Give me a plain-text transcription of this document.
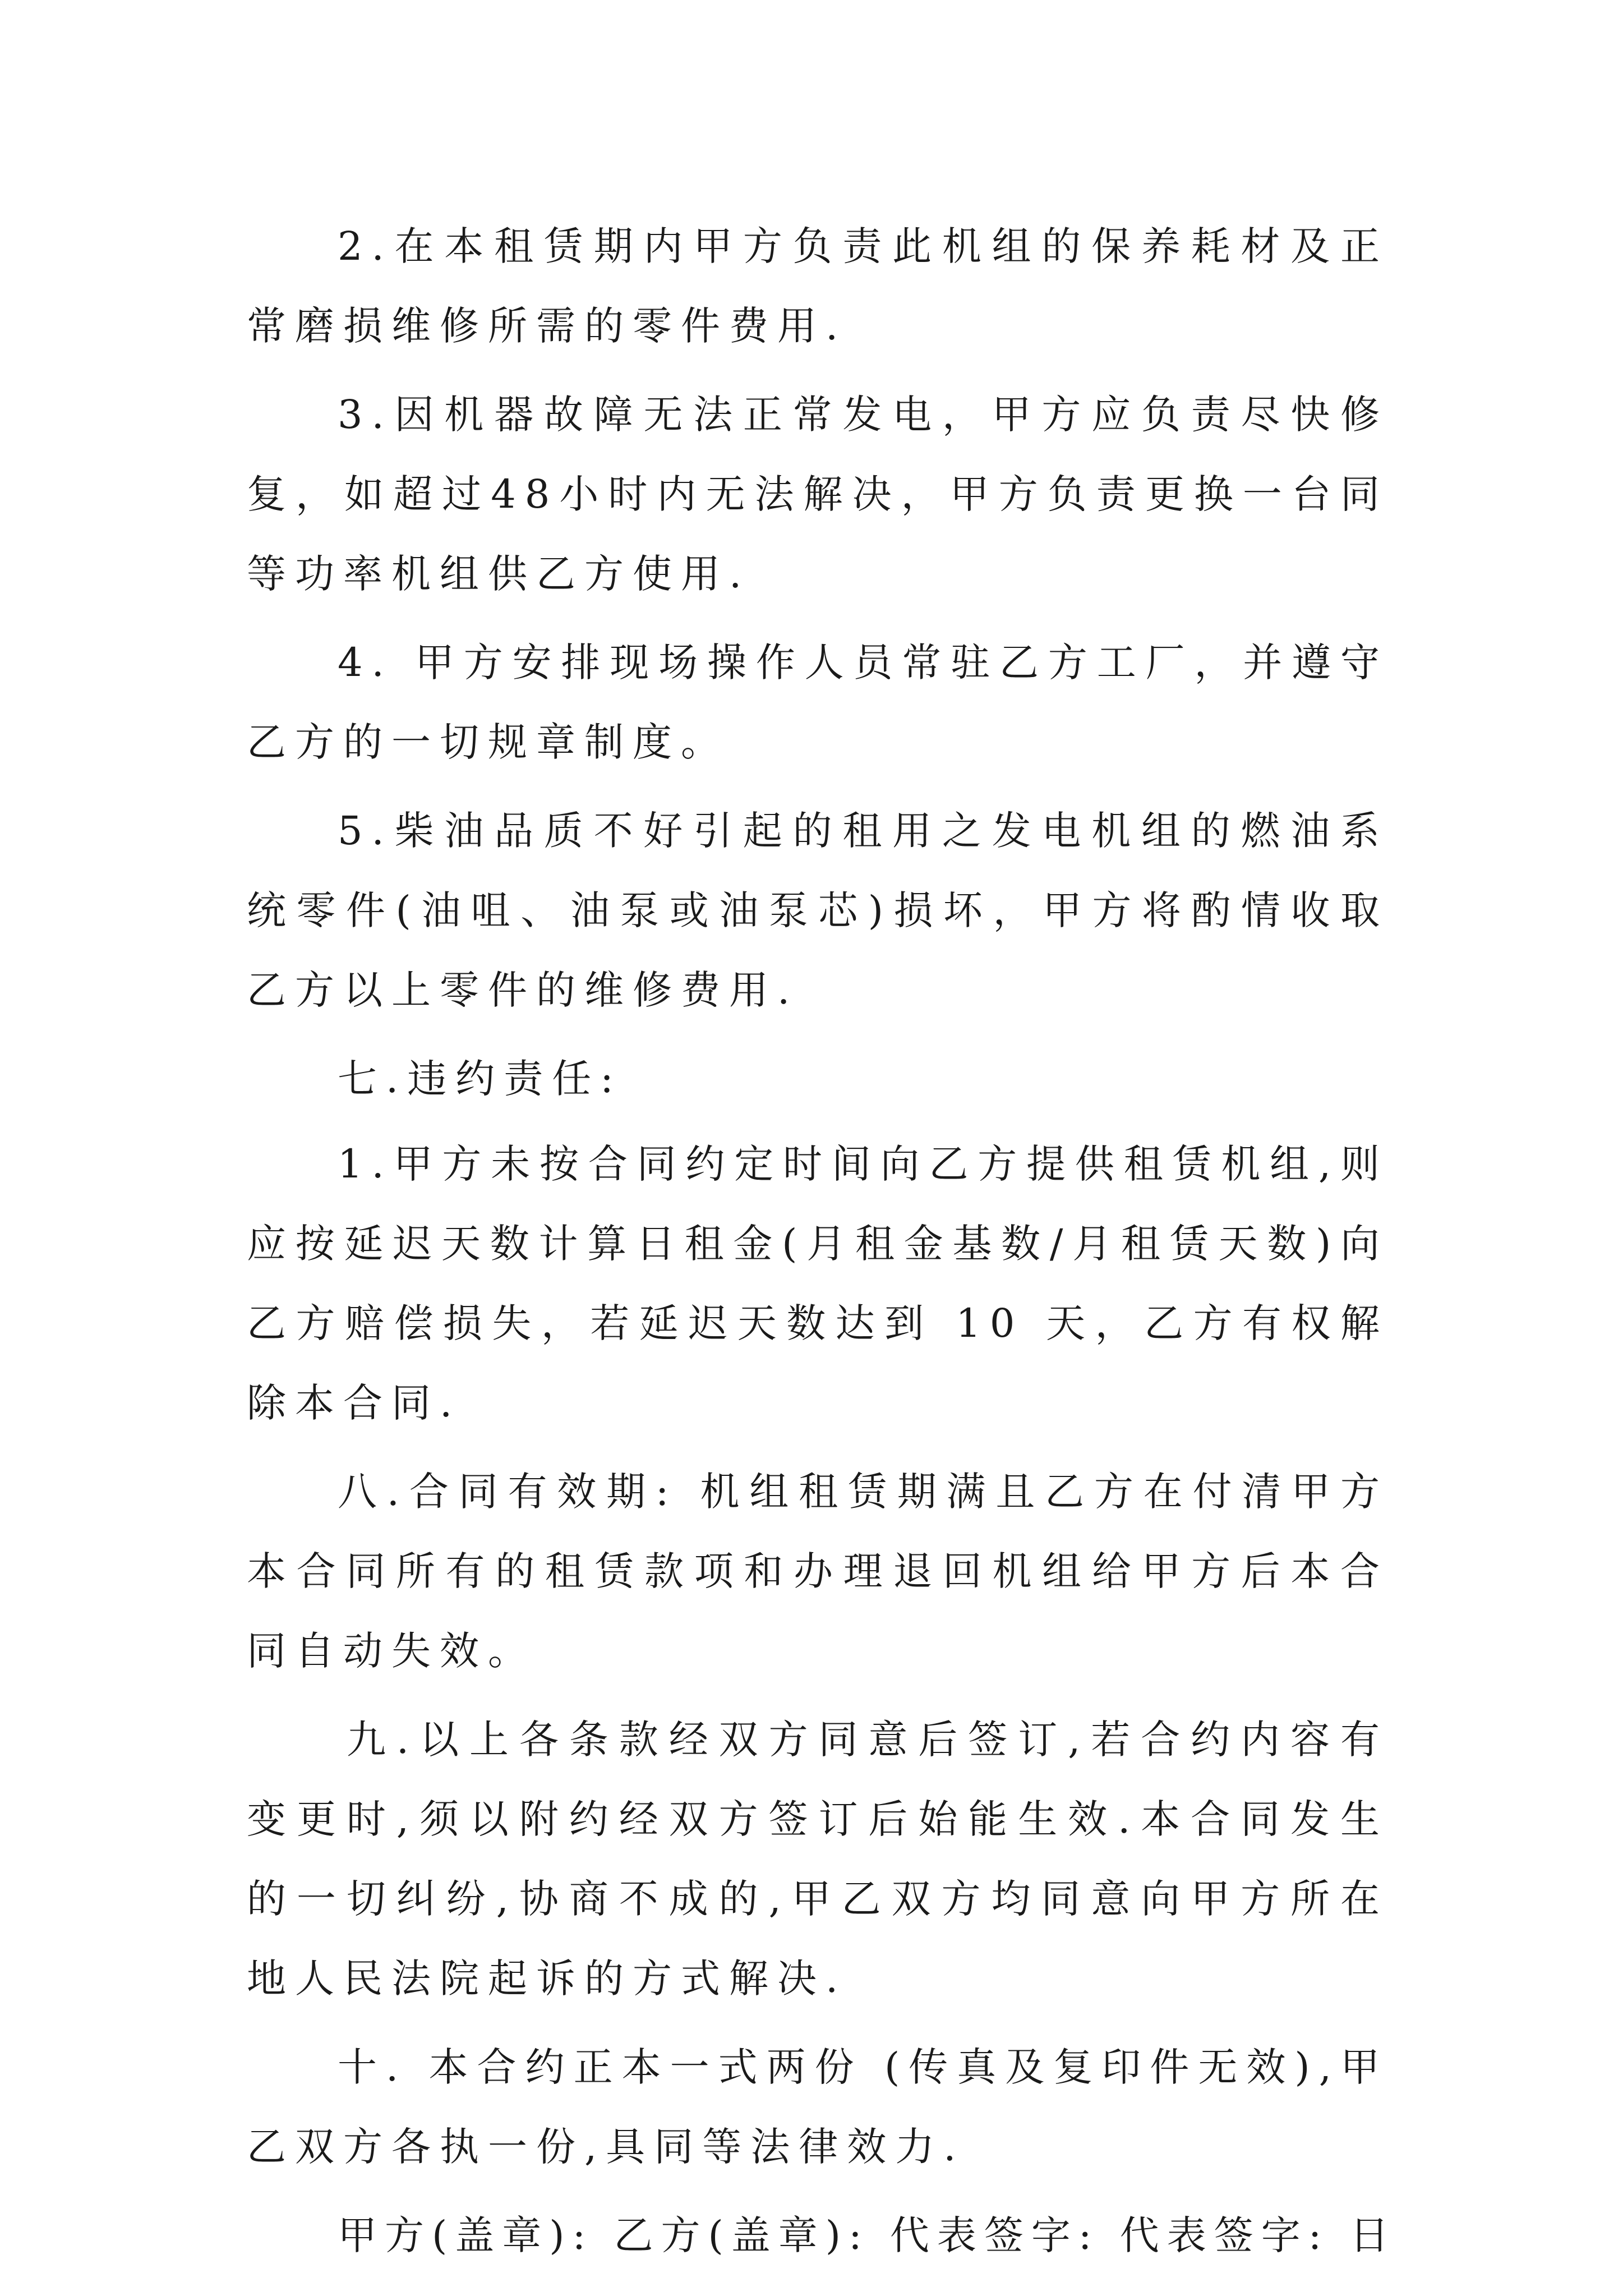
2.在本租赁期内甲方负责此机组的保养耗材及正常磨损维修所需的零件费用.

3.因机器故障无法正常发电，甲方应负责尽快修复，如超过48小时内无法解决，甲方负责更换一台同等功率机组供乙方使用.

4. 甲方安排现场操作人员常驻乙方工厂，并遵守乙方的一切规章制度。

5.柴油品质不好引起的租用之发电机组的燃油系统零件(油咀、油泵或油泵芯)损坏，甲方将酌情收取乙方以上零件的维修费用.

七.违约责任:

1.甲方未按合同约定时间向乙方提供租赁机组,则应按延迟天数计算日租金(月租金基数/月租赁天数)向乙方赔偿损失，若延迟天数达到 10 天，乙方有权解除本合同.

八.合同有效期: 机组租赁期满且乙方在付清甲方本合同所有的租赁款项和办理退回机组给甲方后本合同自动失效。

九.以上各条款经双方同意后签订,若合约内容有变更时,须以附约经双方签订后始能生效.本合同发生的一切纠纷,协商不成的,甲乙双方均同意向甲方所在地人民法院起诉的方式解决.

十. 本合约正本一式两份 (传真及复印件无效),甲乙双方各执一份,具同等法律效力.

甲方(盖章): 乙方(盖章): 代表签字: 代表签字: 日
